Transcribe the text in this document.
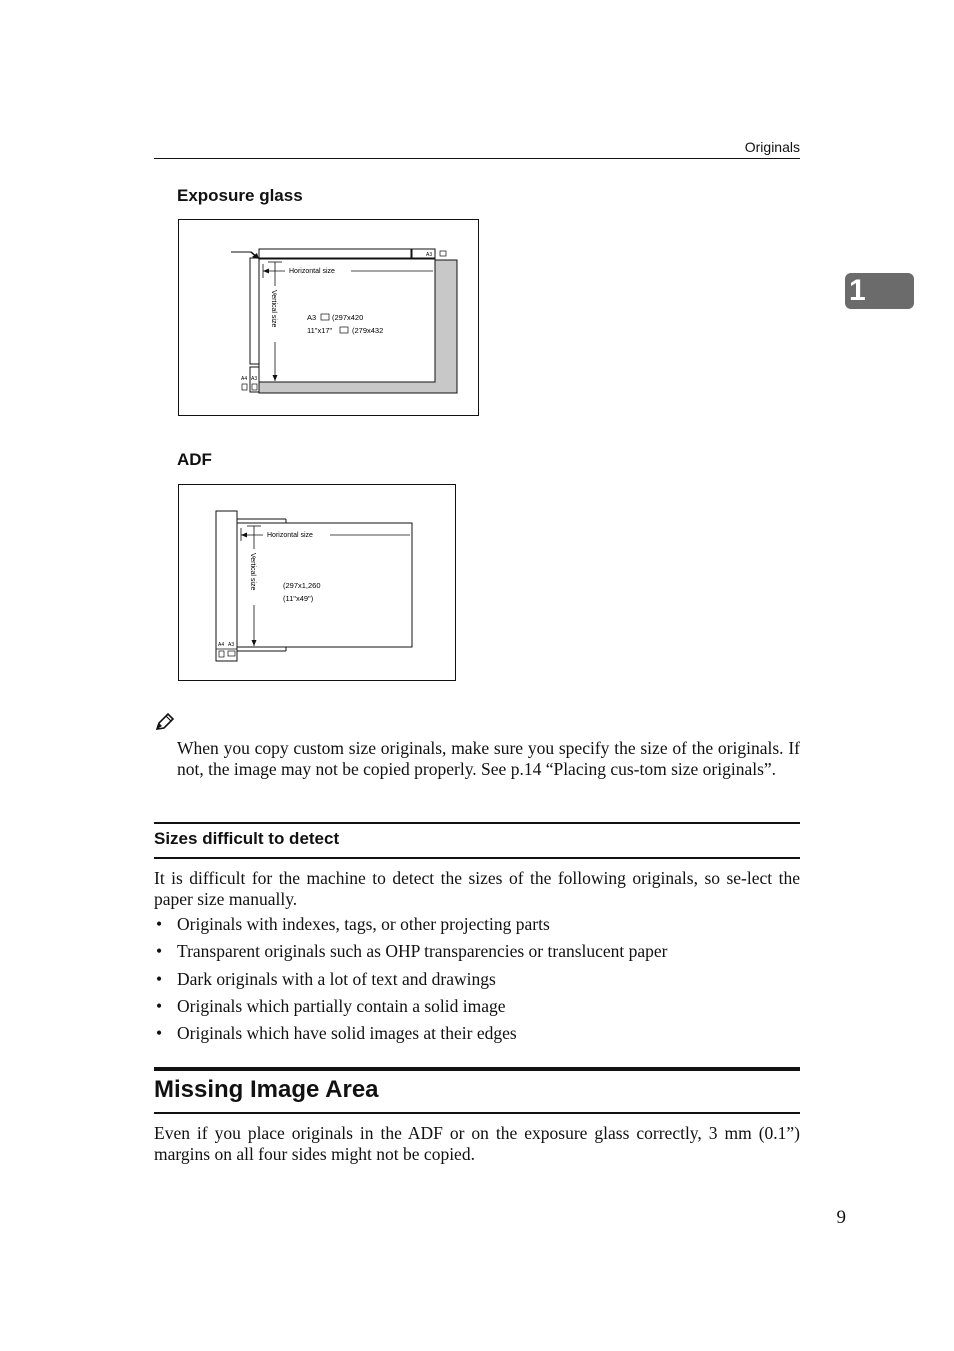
Originals
1
Exposure glass
A3
A4 A3
Horizontal size
Vertical size	A3 (297x420
11"x17"	(279x432
ADF
Horizontal size
Vertical size	(297x1,260
(11"x49")
A4 A3
When you copy custom size originals, make sure you specify the size of the originals. If not, the image may not be copied properly. See p.14 “Placing cus-tom size originals”.
Sizes difficult to detect
It is difficult for the machine to detect the sizes of the following originals, so se-lect the paper size manually.
• Originals with indexes, tags, or other projecting parts
• Transparent originals such as OHP transparencies or translucent paper
• Dark originals with a lot of text and drawings
• Originals which partially contain a solid image
• Originals which have solid images at their edges
Missing Image Area
Even if you place originals in the ADF or on the exposure glass correctly, 3 mm (0.1”) margins on all four sides might not be copied.
9
